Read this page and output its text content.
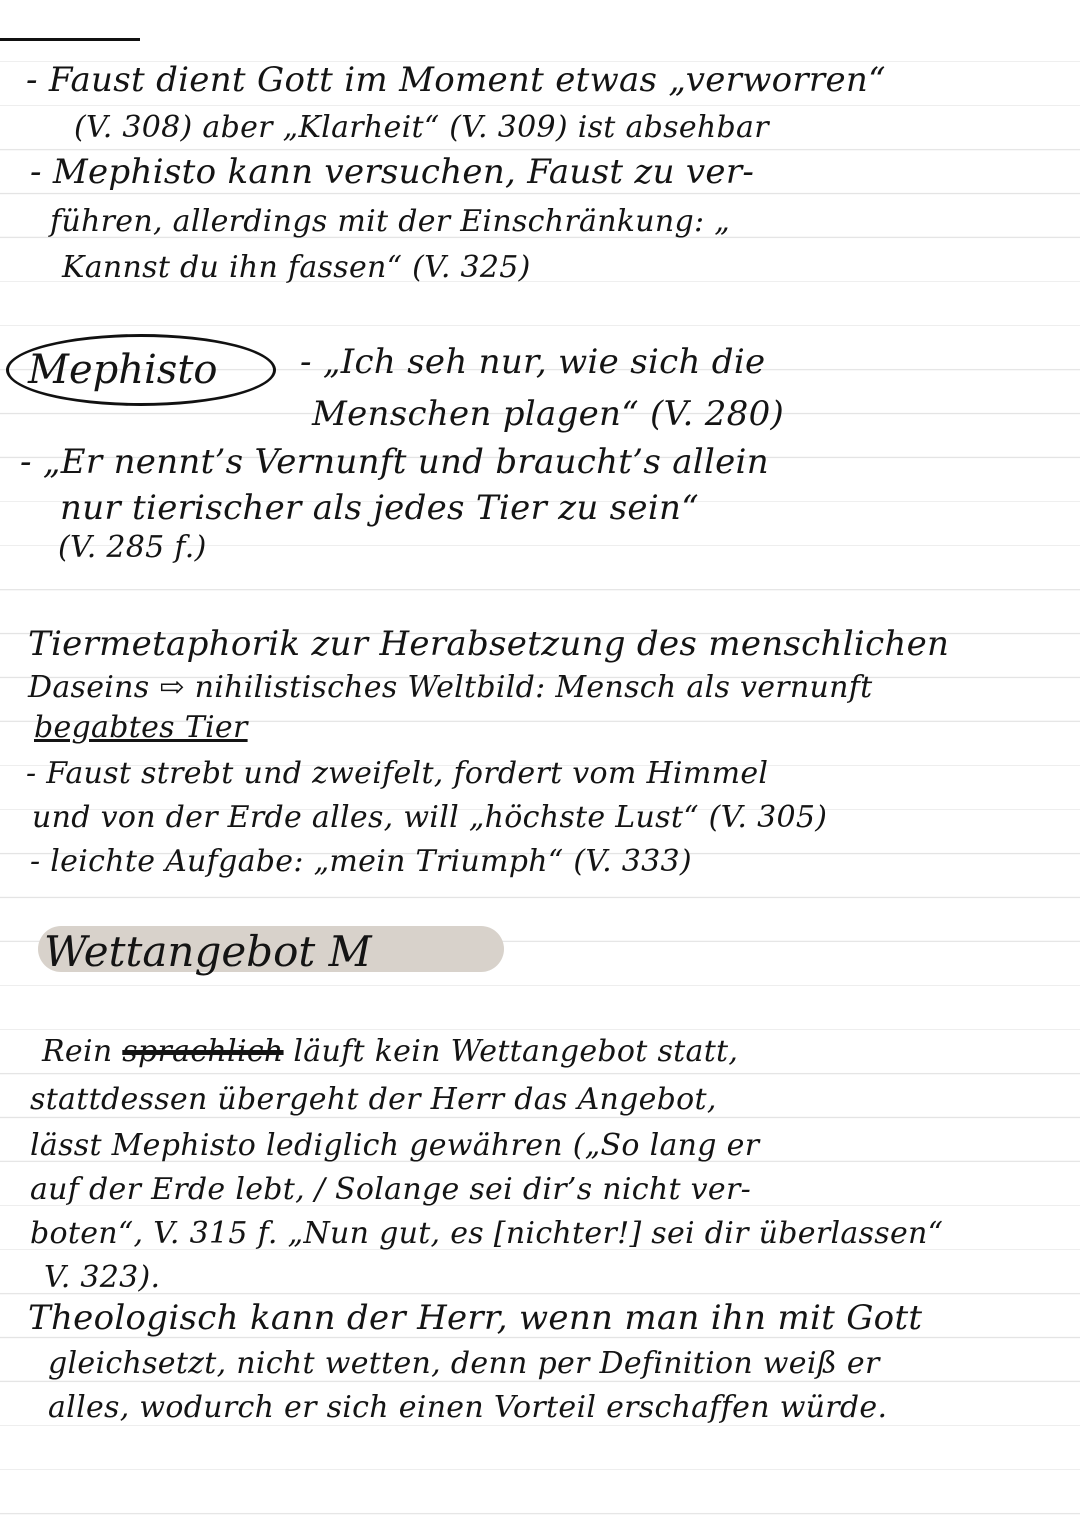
- Faust dient Gott im Moment etwas „verworren“
(V. 308) aber „Klarheit“ (V. 309) ist absehbar
- Mephisto kann versuchen, Faust zu ver-
führen, allerdings mit der Einschränkung: „
Kannst du ihn fassen“ (V. 325)
Mephisto - „Ich seh nur, wie sich die
Menschen plagen“ (V. 280)
- „Er nennt’s Vernunft und braucht’s allein
nur tierischer als jedes Tier zu sein“
(V. 285 f.)
Tiermetaphorik zur Herabsetzung des menschlichen
Daseins ⇨ nihilistisches Weltbild: Mensch als vernunft
begabtes Tier
- Faust strebt und zweifelt, fordert vom Himmel
und von der Erde alles, will „höchste Lust“ (V. 305)
- leichte Aufgabe: „mein Triumph“ (V. 333)
Wettangebot M
Rein sprachlich läuft kein Wettangebot statt,
stattdessen übergeht der Herr das Angebot,
lässt Mephisto lediglich gewähren („So lang er
auf der Erde lebt, / Solange sei dir’s nicht ver-
boten“, V. 315 f. „Nun gut, es [nichter!] sei dir überlassen“
V. 323).
Theologisch kann der Herr, wenn man ihn mit Gott
gleichsetzt, nicht wetten, denn per Definition weiß er
alles, wodurch er sich einen Vorteil erschaffen würde.
